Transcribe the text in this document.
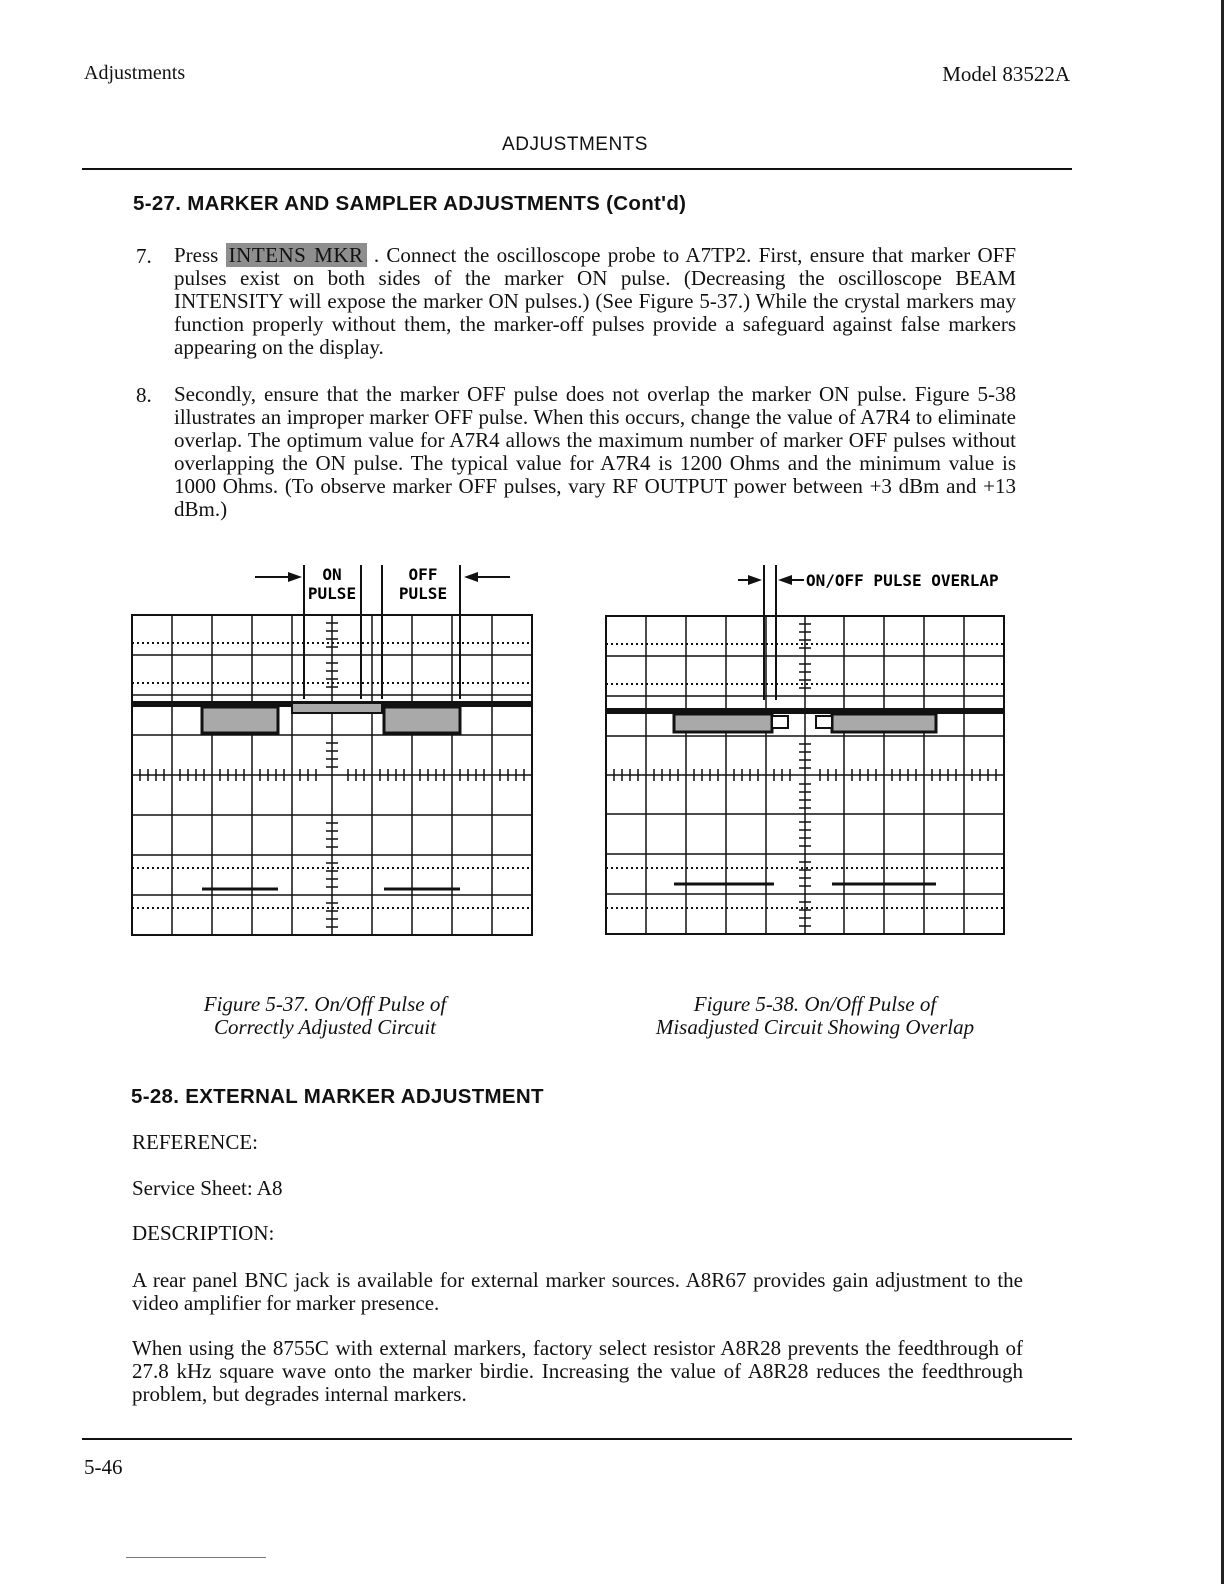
Adjustments	Model 83522A
ADJUSTMENTS
5-27. MARKER AND SAMPLER ADJUSTMENTS (Cont'd)
7. Press INTENS MKR . Connect the oscilloscope probe to A7TP2. First, ensure that marker OFF pulses exist on both sides of the marker ON pulse. (Decreasing the oscilloscope BEAM INTENSITY will expose the marker ON pulses.) (See Figure 5-37.) While the crystal markers may function properly without them, the marker-off pulses provide a safeguard against false markers appearing on the display.
8. Secondly, ensure that the marker OFF pulse does not overlap the marker ON pulse. Figure 5-38 illustrates an improper marker OFF pulse. When this occurs, change the value of A7R4 to eliminate overlap. The optimum value for A7R4 allows the maximum number of marker OFF pulses without overlapping the ON pulse. The typical value for A7R4 is 1200 Ohms and the minimum value is 1000 Ohms. (To observe marker OFF pulses, vary RF OUTPUT power between +3 dBm and +13 dBm.)
ON
PULSE
OFF
PULSE
ON/OFF PULSE OVERLAP
Figure 5-37. On/Off Pulse of
Correctly Adjusted Circuit
Figure 5-38. On/Off Pulse of
Misadjusted Circuit Showing Overlap
5-28. EXTERNAL MARKER ADJUSTMENT
REFERENCE:
Service Sheet: A8
DESCRIPTION:
A rear panel BNC jack is available for external marker sources. A8R67 provides gain adjustment to the video amplifier for marker presence.
When using the 8755C with external markers, factory select resistor A8R28 prevents the feedthrough of 27.8 kHz square wave onto the marker birdie. Increasing the value of A8R28 reduces the feedthrough problem, but degrades internal markers.
5-46
